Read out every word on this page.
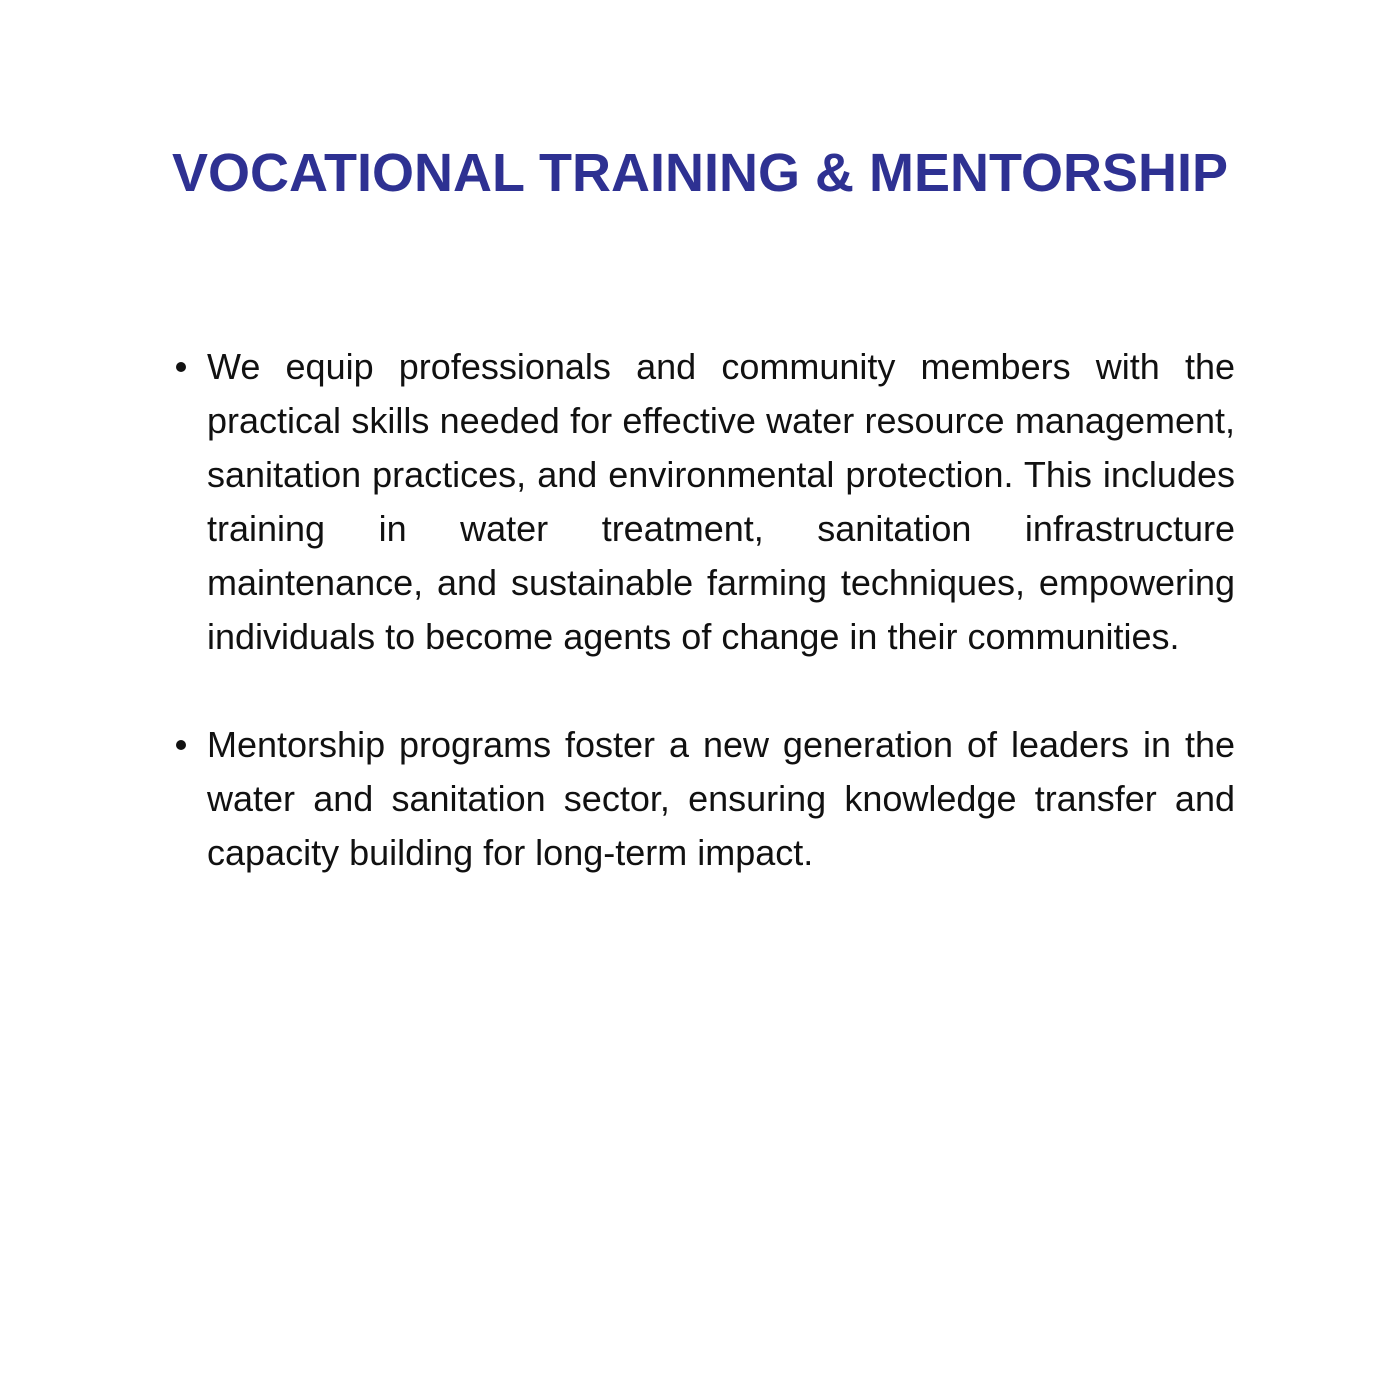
VOCATIONAL TRAINING & MENTORSHIP
We equip professionals and community members with the practical skills needed for effective water resource management, sanitation practices, and environmental protection. This includes training in water treatment, sanitation infrastructure maintenance, and sustainable farming techniques, empowering individuals to become agents of change in their communities.
Mentorship programs foster a new generation of leaders in the water and sanitation sector, ensuring knowledge transfer and capacity building for long-term impact.
